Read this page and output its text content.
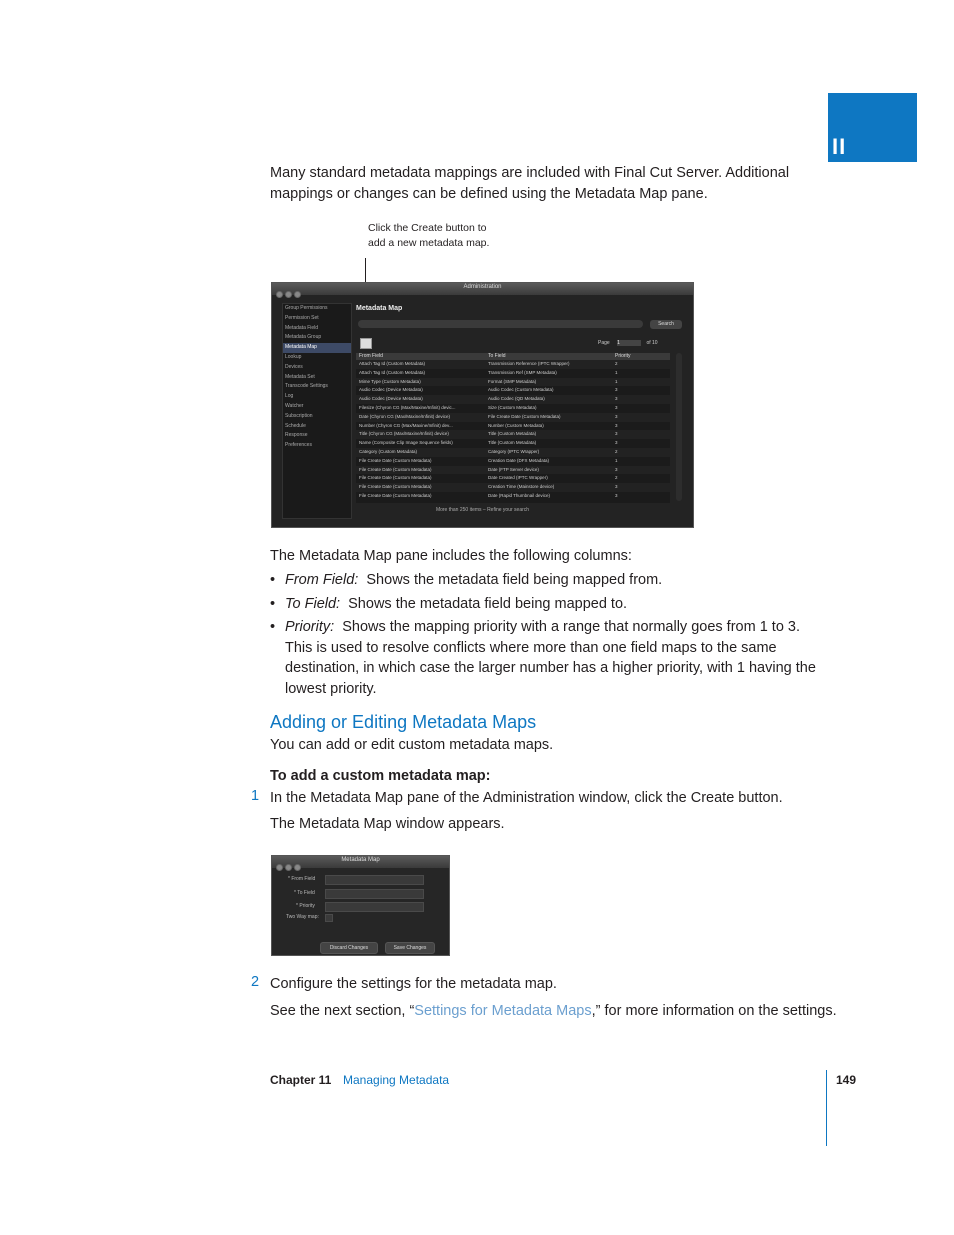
II
Many standard metadata mappings are included with Final Cut Server. Additional mappings or changes can be defined using the Metadata Map pane.
Click the Create button to add a new metadata map.
Administration
Group Permissions
Permission Set
Metadata Field
Metadata Group
Metadata Map
Lookup
Devices
Metadata Set
Transcode Settings
Log
Watcher
Subscription
Schedule
Response
Preferences
Metadata Map
Search
Page 1	of 10
From Field	To Field	Priority
Attach Tag Id (Custom Metadata)	Transmission Reference (IPTC Wrapper)	2
Attach Tag Id (Custom Metadata)	Transmission Ref (SMP Metadata)	1
Mime Type (Custom Metadata)	Format (SMP Metadata)	1
Audio Codec (Device Metadata)	Audio Codec (Custom Metadata)	3
Audio Codec (Device Metadata)	Audio Codec (QD Metadata)	3
Filesize (Chyron CG (Max/Maxine/Infinit) devic...	Size (Custom Metadata)	3
Date (Chyron CG (Max/Maxine/Infinit) device)	File Create Date (Custom Metadata)	3
Number (Chyron CG (Max/Maxine/Infinit) dev...	Number (Custom Metadata)	3
Title (Chyron CG (Max/Maxine/Infinit) device)	Title (Custom Metadata)	3
Name (Composite Clip Image Sequence fields)	Title (Custom Metadata)	3
Category (Custom Metadata)	Category (IPTC Wrapper)	2
File Create Date (Custom Metadata)	Creation Date (DFX Metadata)	1
File Create Date (Custom Metadata)	Date (FTP Server device)	3
File Create Date (Custom Metadata)	Date Created (IPTC Wrapper)	2
File Create Date (Custom Metadata)	Creation Time (Mainstore device)	3
File Create Date (Custom Metadata)	Date (Rapid Thumbnail device)	3
More than 250 items – Refine your search
The Metadata Map pane includes the following columns:
• From Field: Shows the metadata field being mapped from.
• To Field: Shows the metadata field being mapped to.
• Priority: Shows the mapping priority with a range that normally goes from 1 to 3. This is used to resolve conflicts where more than one field maps to the same destination, in which case the larger number has a higher priority, with 1 having the lowest priority.
Adding or Editing Metadata Maps
You can add or edit custom metadata maps.
To add a custom metadata map:
1 In the Metadata Map pane of the Administration window, click the Create button.
The Metadata Map window appears.
Metadata Map
* From Field
* To Field
* Priority
Two Way map:
Discard Changes	Save Changes
2 Configure the settings for the metadata map.
See the next section, “Settings for Metadata Maps,” for more information on the settings.
Chapter 11 Managing Metadata	149
